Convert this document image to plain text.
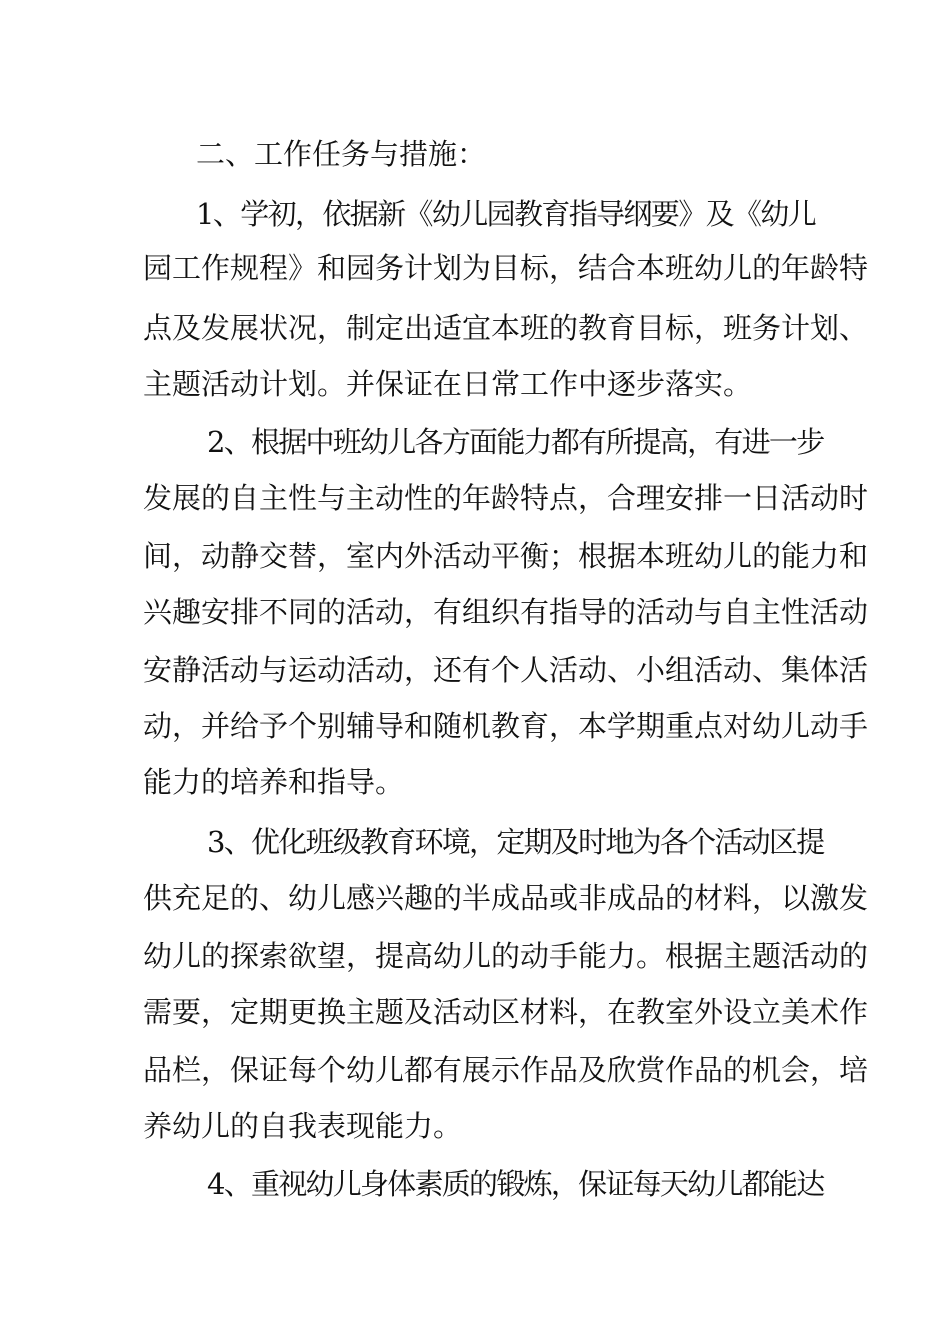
二、工作任务与措施：
1、学初，依据新《幼儿园教育指导纲要》及《幼儿
园工作规程》和园务计划为目标，结合本班幼儿的年龄特
点及发展状况，制定出适宜本班的教育目标，班务计划、
主题活动计划。并保证在日常工作中逐步落实。
2、根据中班幼儿各方面能力都有所提高，有进一步
发展的自主性与主动性的年龄特点，合理安排一日活动时
间，动静交替，室内外活动平衡；根据本班幼儿的能力和
兴趣安排不同的活动，有组织有指导的活动与自主性活动
安静活动与运动活动，还有个人活动、小组活动、集体活
动，并给予个别辅导和随机教育，本学期重点对幼儿动手
能力的培养和指导。
3、优化班级教育环境，定期及时地为各个活动区提
供充足的、幼儿感兴趣的半成品或非成品的材料，以激发
幼儿的探索欲望，提高幼儿的动手能力。根据主题活动的
需要，定期更换主题及活动区材料，在教室外设立美术作
品栏，保证每个幼儿都有展示作品及欣赏作品的机会，培
养幼儿的自我表现能力。
4、重视幼儿身体素质的锻炼，保证每天幼儿都能达
